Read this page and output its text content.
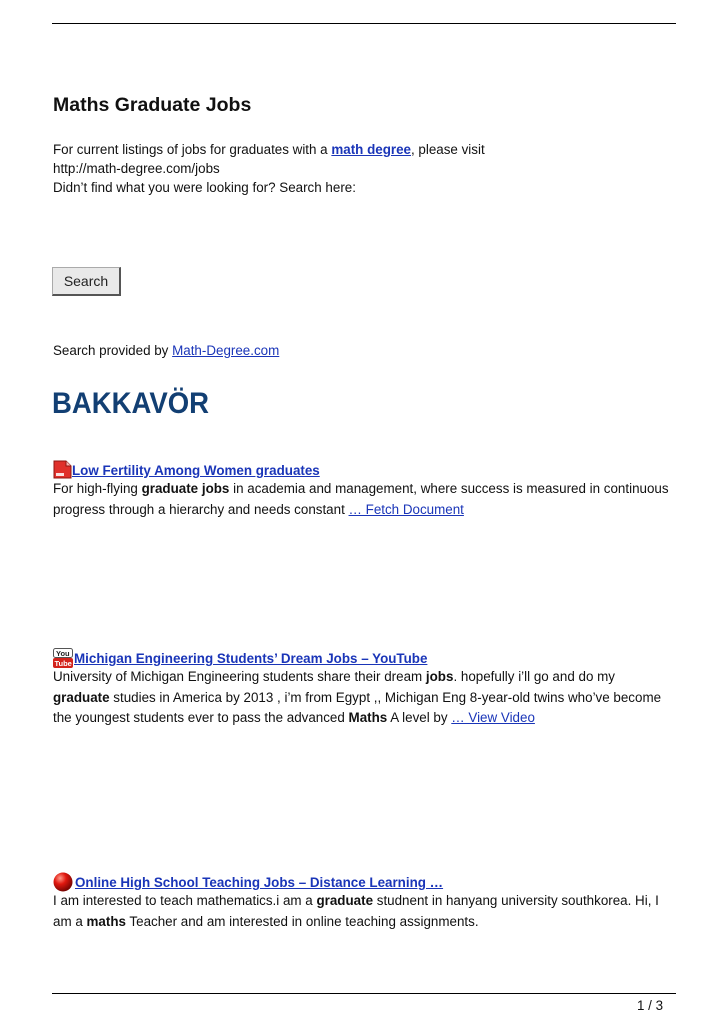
Maths Graduate Jobs
For current listings of jobs for graduates with a math degree, please visit
http://math-degree.com/jobs
Didn’t find what you were looking for? Search here:
Search
Search provided by Math-Degree.com
BAKKAVÖR
Low Fertility Among Women graduates
For high-flying graduate jobs in academia and management, where success is measured in continuous progress through a hierarchy and needs constant … Fetch Document
You
Tube Michigan Engineering Students’ Dream Jobs – YouTube
University of Michigan Engineering students share their dream jobs. hopefully i’ll go and do my graduate studies in America by 2013 , i’m from Egypt ,, Michigan Eng 8-year-old twins who’ve become the youngest students ever to pass the advanced Maths A level by … View Video
Online High School Teaching Jobs – Distance Learning …
I am interested to teach mathematics.i am a graduate studnent in hanyang university southkorea. Hi, I am a maths Teacher and am interested in online teaching assignments.
1 / 3
